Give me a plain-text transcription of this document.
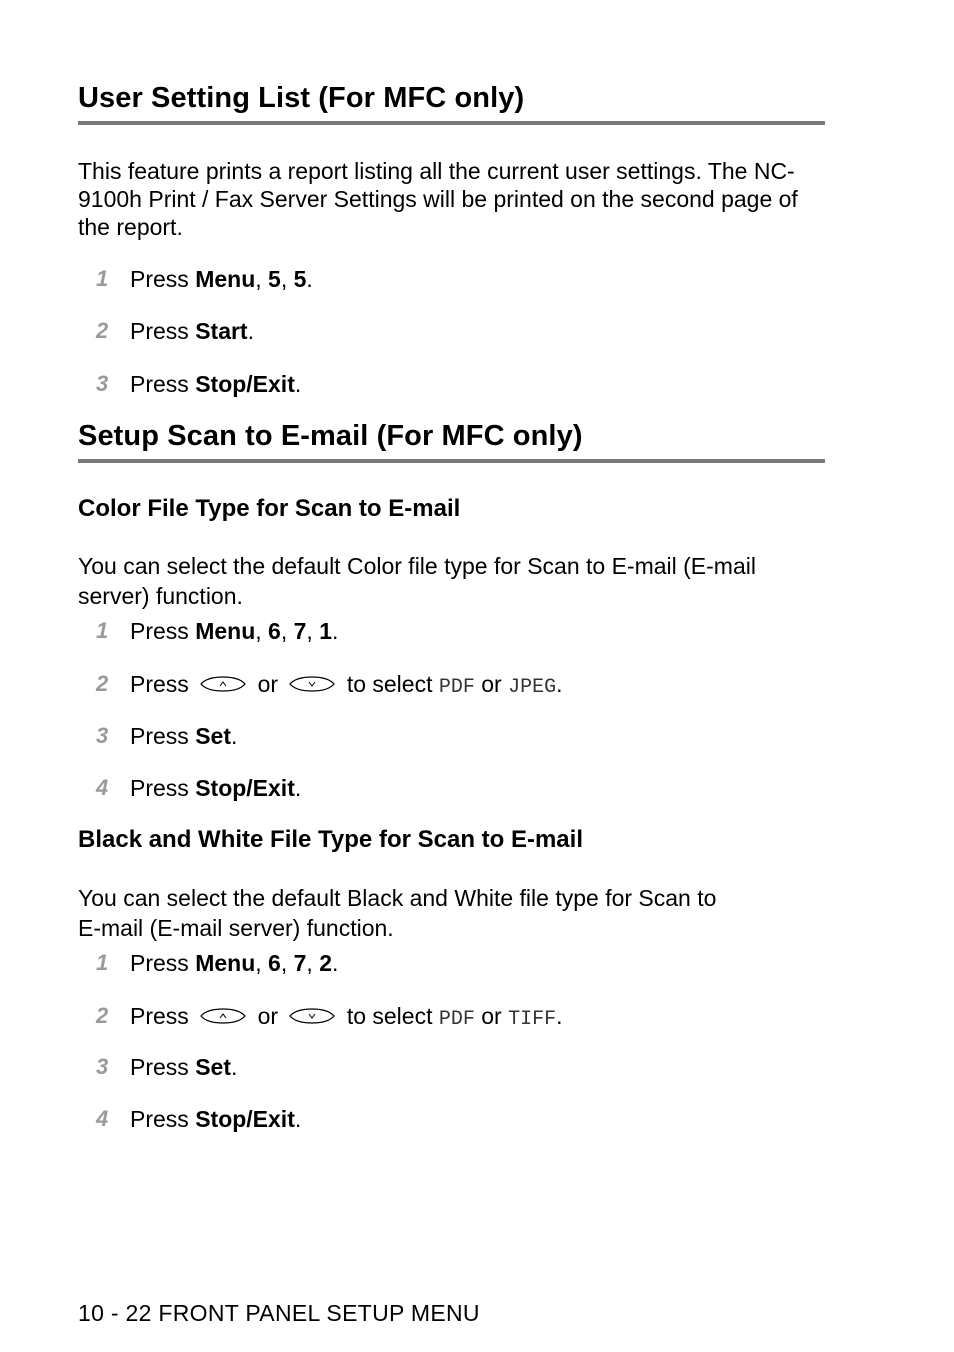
User Setting List (For MFC only)
This feature prints a report listing all the current user settings. The NC-9100h Print / Fax Server Settings will be printed on the second page of the report.
1 Press Menu, 5, 5.
2 Press Start.
3 Press Stop/Exit.
Setup Scan to E-mail (For MFC only)
Color File Type for Scan to E-mail
You can select the default Color file type for Scan to E-mail (E-mail server) function.
1 Press Menu, 6, 7, 1.
2 Press	or	to select PDF or JPEG.
3 Press Set.
4 Press Stop/Exit.
Black and White File Type for Scan to E-mail
You can select the default Black and White file type for Scan to
E-mail (E-mail server) function.
1 Press Menu, 6, 7, 2.
2 Press	or	to select PDF or TIFF.
3 Press Set.
4 Press Stop/Exit.
10 - 22 FRONT PANEL SETUP MENU
